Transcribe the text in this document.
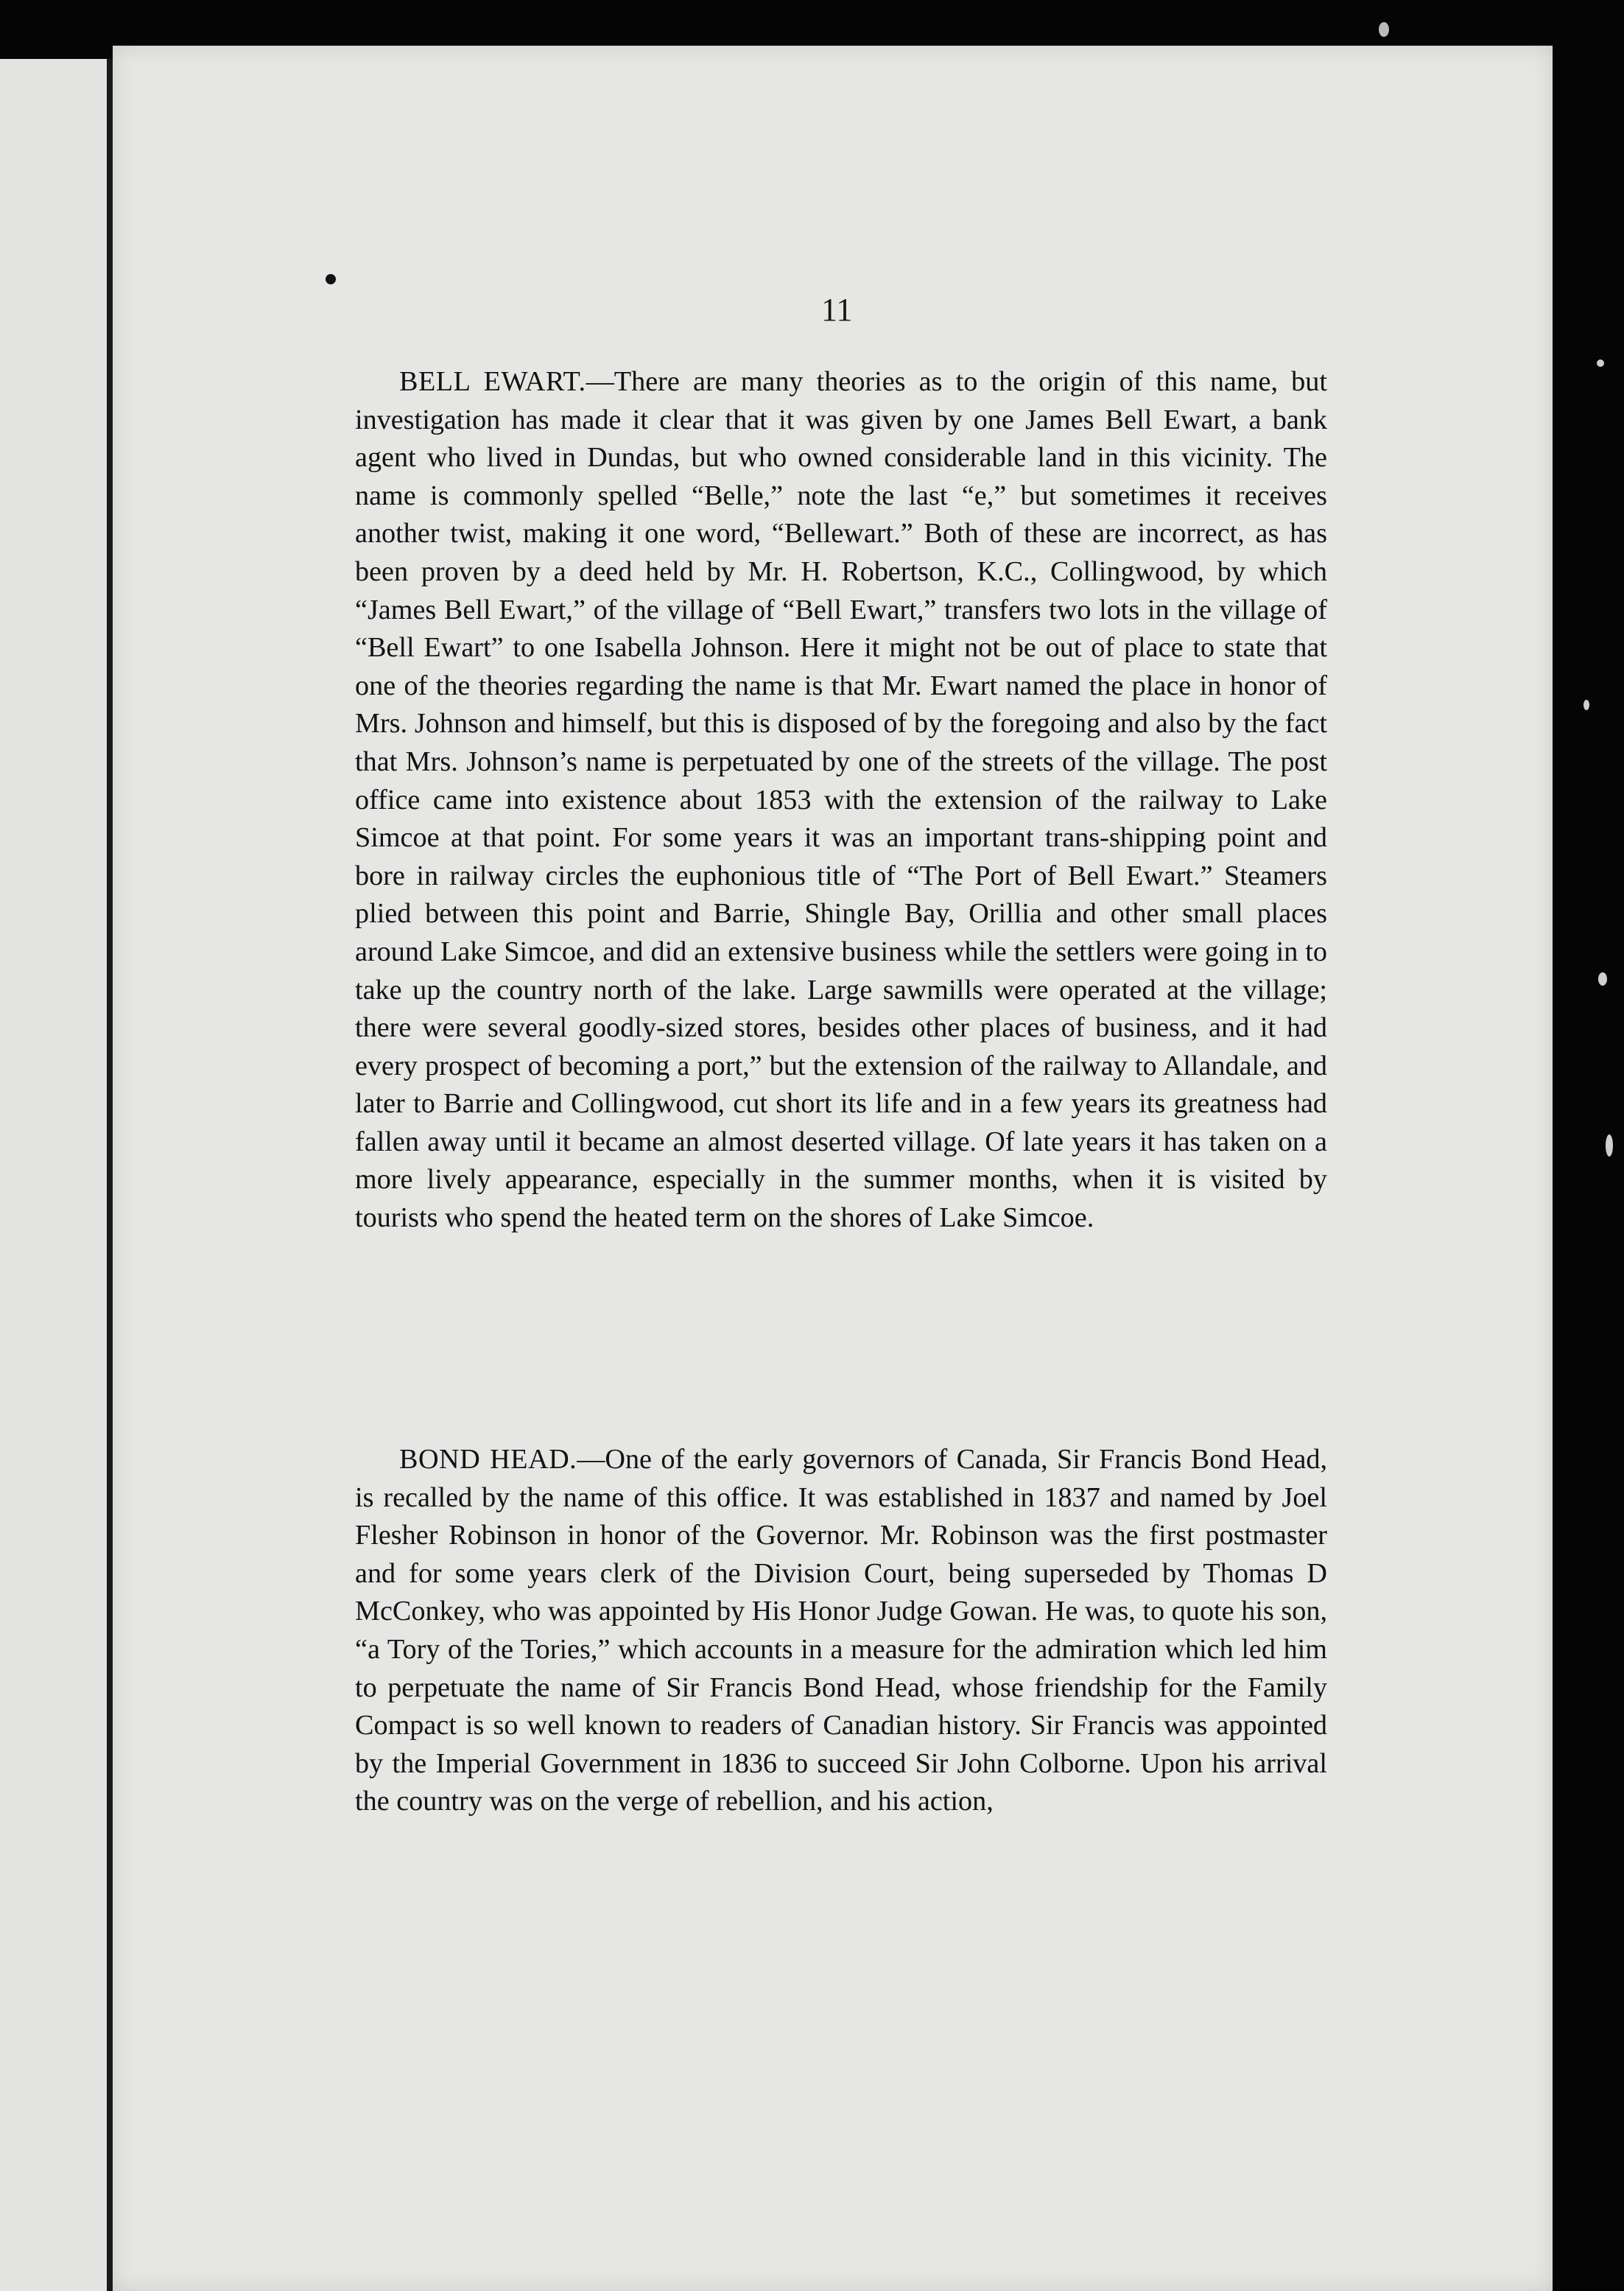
11

BELL EWART.—There are many theories as to the origin of this name, but investigation has made it clear that it was given by one James Bell Ewart, a bank agent who lived in Dundas, but who owned considerable land in this vicinity. The name is commonly spelled “Belle,” note the last “e,” but sometimes it receives another twist, making it one word, “Bellewart.” Both of these are incorrect, as has been proven by a deed held by Mr. H. Robertson, K.C., Collingwood, by which “James Bell Ewart,” of the village of “Bell Ewart,” transfers two lots in the village of “Bell Ewart” to one Isabella Johnson. Here it might not be out of place to state that one of the theories regarding the name is that Mr. Ewart named the place in honor of Mrs. Johnson and himself, but this is disposed of by the foregoing and also by the fact that Mrs. Johnson’s name is perpetuated by one of the streets of the village. The post office came into existence about 1853 with the extension of the railway to Lake Simcoe at that point. For some years it was an important trans-shipping point and bore in railway circles the euphonious title of “The Port of Bell Ewart.” Steamers plied between this point and Barrie, Shingle Bay, Orillia and other small places around Lake Simcoe, and did an extensive business while the settlers were going in to take up the country north of the lake. Large sawmills were operated at the village; there were several goodly-sized stores, besides other places of business, and it had every prospect of becoming a port,” but the extension of the railway to Allandale, and later to Barrie and Collingwood, cut short its life and in a few years its greatness had fallen away until it became an almost deserted village. Of late years it has taken on a more lively appearance, especially in the summer months, when it is visited by tourists who spend the heated term on the shores of Lake Simcoe.

BOND HEAD.—One of the early governors of Canada, Sir Francis Bond Head, is recalled by the name of this office. It was established in 1837 and named by Joel Flesher Robinson in honor of the Governor. Mr. Robinson was the first postmaster and for some years clerk of the Division Court, being superseded by Thomas D McConkey, who was appointed by His Honor Judge Gowan. He was, to quote his son, “a Tory of the Tories,” which accounts in a measure for the admiration which led him to perpetuate the name of Sir Francis Bond Head, whose friendship for the Family Compact is so well known to readers of Canadian history. Sir Francis was appointed by the Imperial Government in 1836 to succeed Sir John Colborne. Upon his arrival the country was on the verge of rebellion, and his action,
